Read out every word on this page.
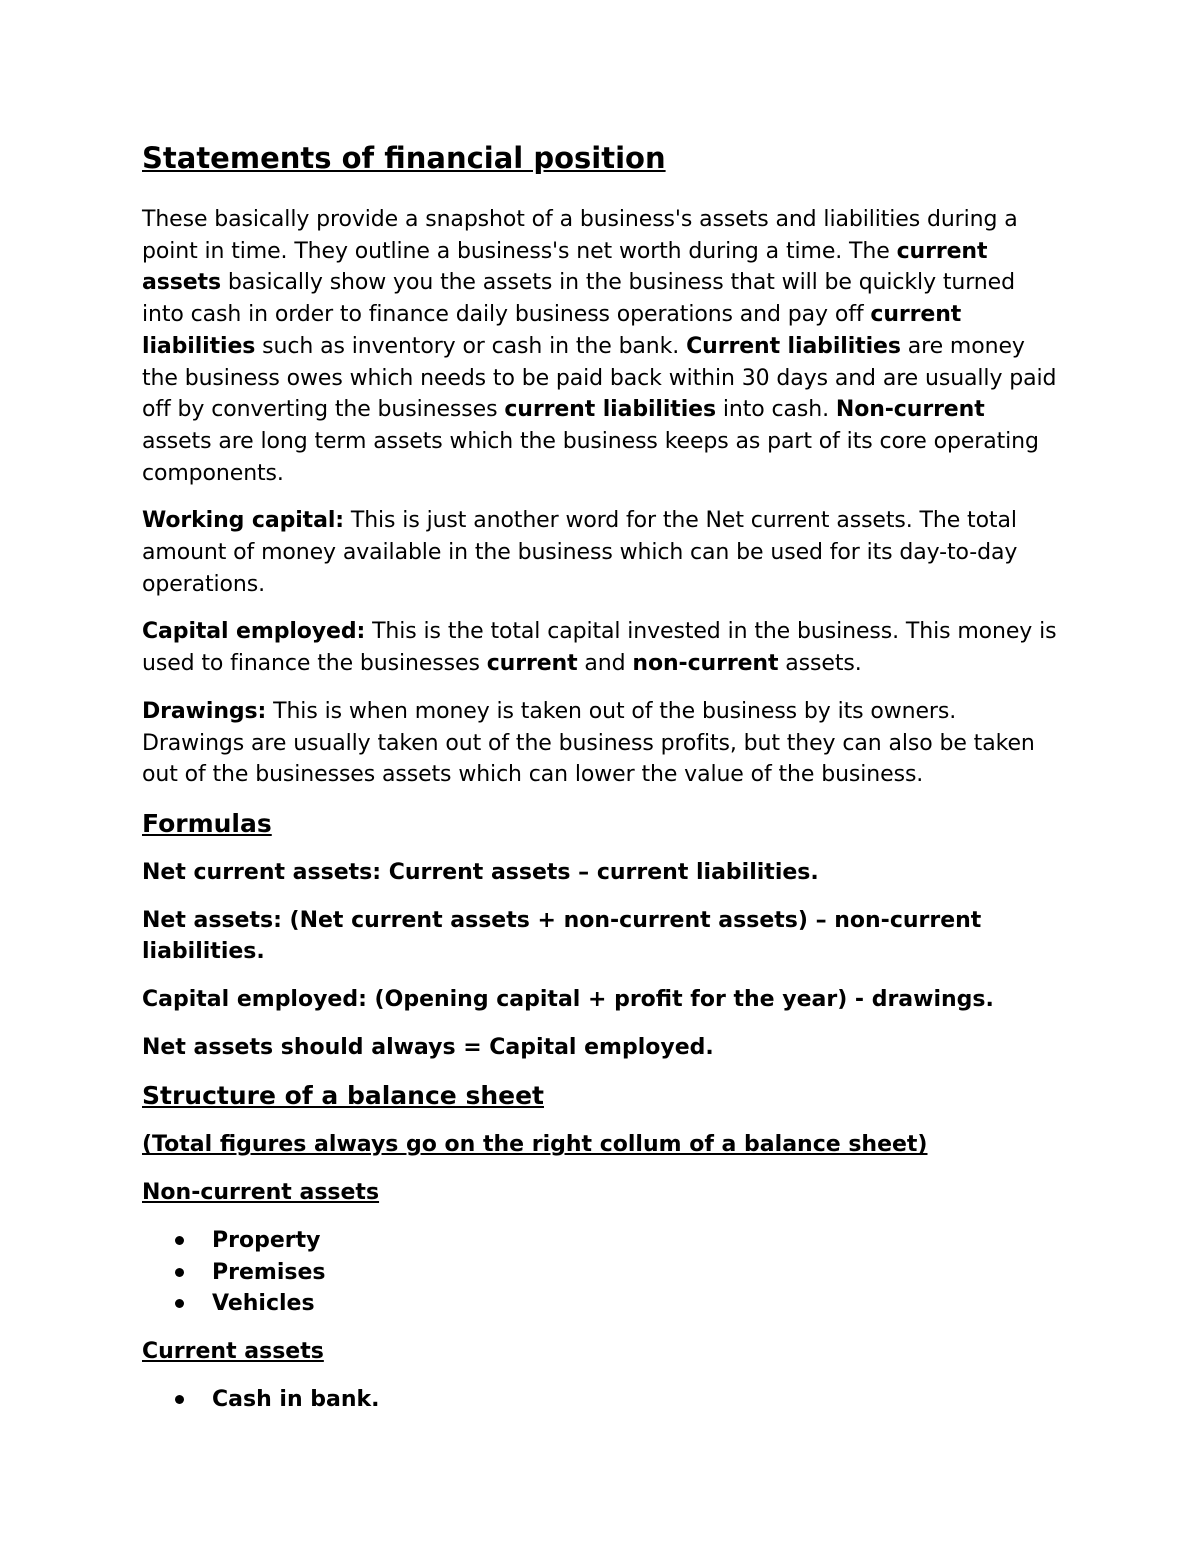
Statements of financial position

These basically provide a snapshot of a business's assets and liabilities during a point in time. They outline a business's net worth during a time. The current assets basically show you the assets in the business that will be quickly turned into cash in order to finance daily business operations and pay off current liabilities such as inventory or cash in the bank. Current liabilities are money the business owes which needs to be paid back within 30 days and are usually paid off by converting the businesses current liabilities into cash. Non-current assets are long term assets which the business keeps as part of its core operating components.

Working capital: This is just another word for the Net current assets. The total amount of money available in the business which can be used for its day-to-day operations.

Capital employed: This is the total capital invested in the business. This money is used to finance the businesses current and non-current assets.

Drawings: This is when money is taken out of the business by its owners. Drawings are usually taken out of the business profits, but they can also be taken out of the businesses assets which can lower the value of the business.

Formulas

Net current assets: Current assets – current liabilities.

Net assets: (Net current assets + non-current assets) – non-current liabilities.

Capital employed: (Opening capital + profit for the year) - drawings.

Net assets should always = Capital employed.

Structure of a balance sheet

(Total figures always go on the right collum of a balance sheet)

Non-current assets

Property
Premises
Vehicles

Current assets

Cash in bank.
